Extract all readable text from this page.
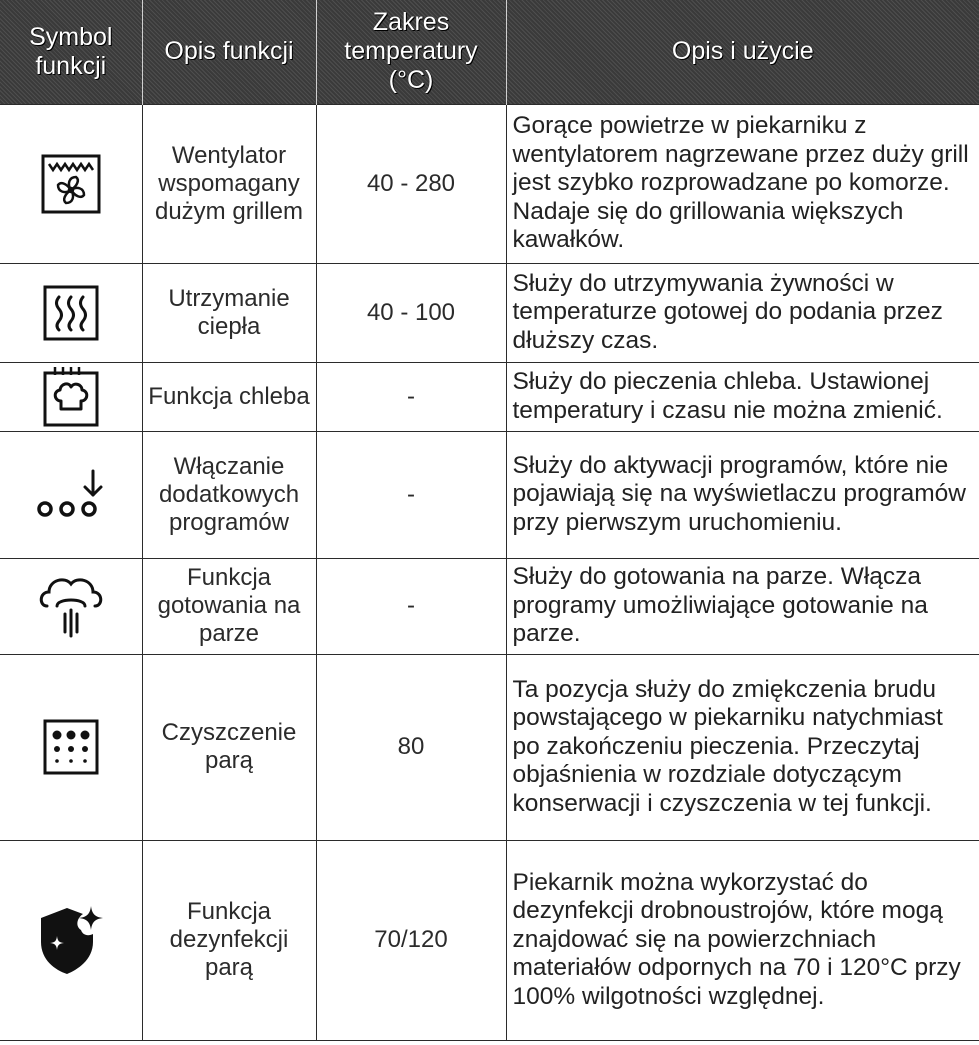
Symbol funkcji	Opis funkcji	Zakres temperatury (°C)	Opis i użycie

	Wentylator wspomagany dużym grillem	40 - 280	Gorące powietrze w piekarniku z wentylatorem nagrzewane przez duży grill jest szybko rozprowadzane po komorze. Nadaje się do grillowania większych kawałków.

	Utrzymanie ciepła	40 - 100	Służy do utrzymywania żywności w temperaturze gotowej do podania przez dłuższy czas.

	Funkcja chleba	-	Służy do pieczenia chleba. Ustawionej temperatury i czasu nie można zmienić.

	Włączanie dodatkowych programów	-	Służy do aktywacji programów, które nie pojawiają się na wyświetlaczu programów przy pierwszym uruchomieniu.

	Funkcja gotowania na parze	-	Służy do gotowania na parze. Włącza programy umożliwiające gotowanie na parze.

	Czyszczenie parą	80	Ta pozycja służy do zmiękczenia brudu powstającego w piekarniku natychmiast po zakończeniu pieczenia. Przeczytaj objaśnienia w rozdziale dotyczącym konserwacji i czyszczenia w tej funkcji.

	Funkcja dezynfekcji parą	70/120	Piekarnik można wykorzystać do dezynfekcji drobnoustrojów, które mogą znajdować się na powierzchniach materiałów odpornych na 70 i 120°C przy 100% wilgotności względnej.
